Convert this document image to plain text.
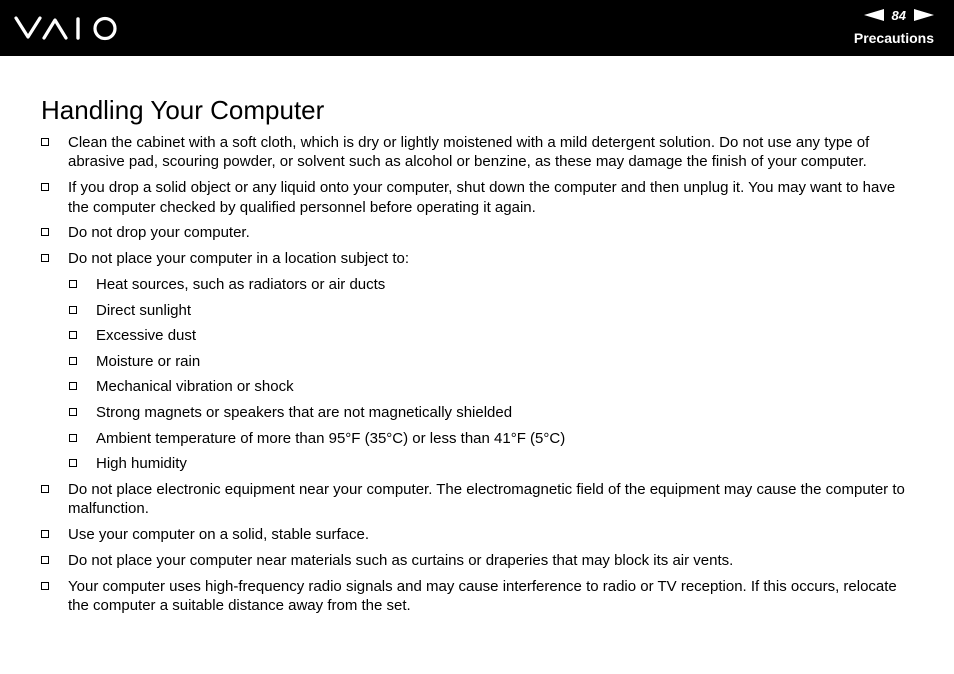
84
Precautions
Handling Your Computer
Clean the cabinet with a soft cloth, which is dry or lightly moistened with a mild detergent solution. Do not use any type of abrasive pad, scouring powder, or solvent such as alcohol or benzine, as these may damage the finish of your computer.
If you drop a solid object or any liquid onto your computer, shut down the computer and then unplug it. You may want to have the computer checked by qualified personnel before operating it again.
Do not drop your computer.
Do not place your computer in a location subject to:
Heat sources, such as radiators or air ducts
Direct sunlight
Excessive dust
Moisture or rain
Mechanical vibration or shock
Strong magnets or speakers that are not magnetically shielded
Ambient temperature of more than 95°F (35°C) or less than 41°F (5°C)
High humidity
Do not place electronic equipment near your computer. The electromagnetic field of the equipment may cause the computer to malfunction.
Use your computer on a solid, stable surface.
Do not place your computer near materials such as curtains or draperies that may block its air vents.
Your computer uses high-frequency radio signals and may cause interference to radio or TV reception. If this occurs, relocate the computer a suitable distance away from the set.
